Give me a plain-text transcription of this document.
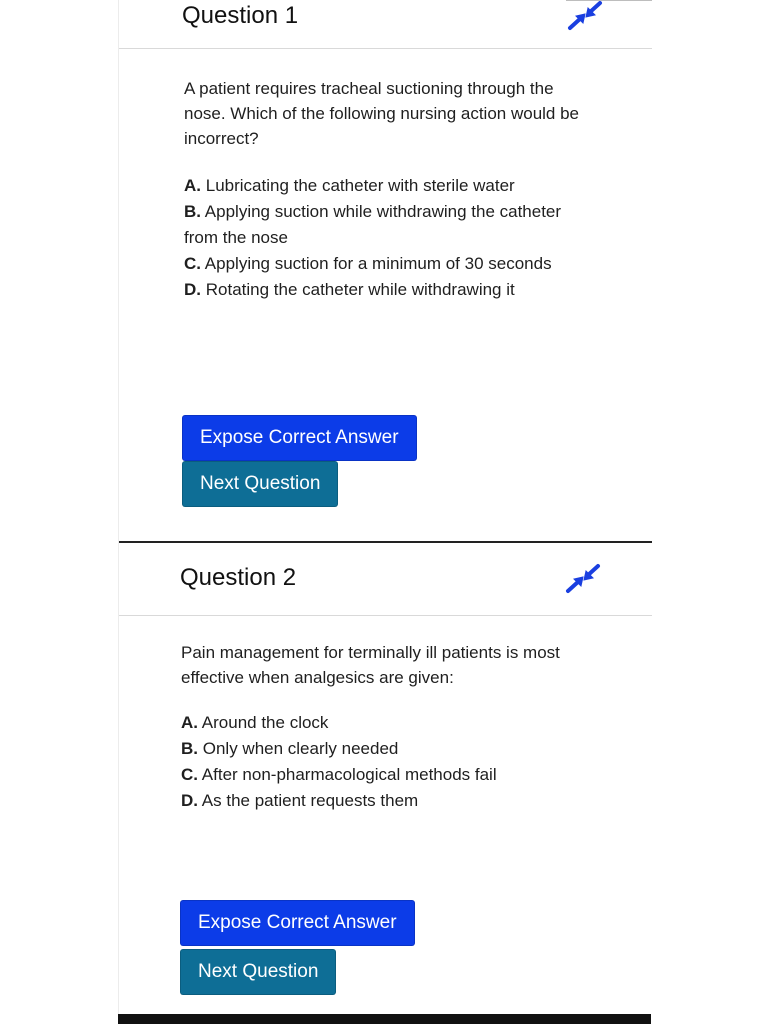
Question 1

A patient requires tracheal suctioning through the nose. Which of the following nursing action would be incorrect?

A. Lubricating the catheter with sterile water
B. Applying suction while withdrawing the catheter from the nose
C. Applying suction for a minimum of 30 seconds
D. Rotating the catheter while withdrawing it
Expose Correct Answer
Next Question
Question 2

Pain management for terminally ill patients is most effective when analgesics are given:

A. Around the clock
B. Only when clearly needed
C. After non-pharmacological methods fail
D. As the patient requests them
Expose Correct Answer
Next Question
